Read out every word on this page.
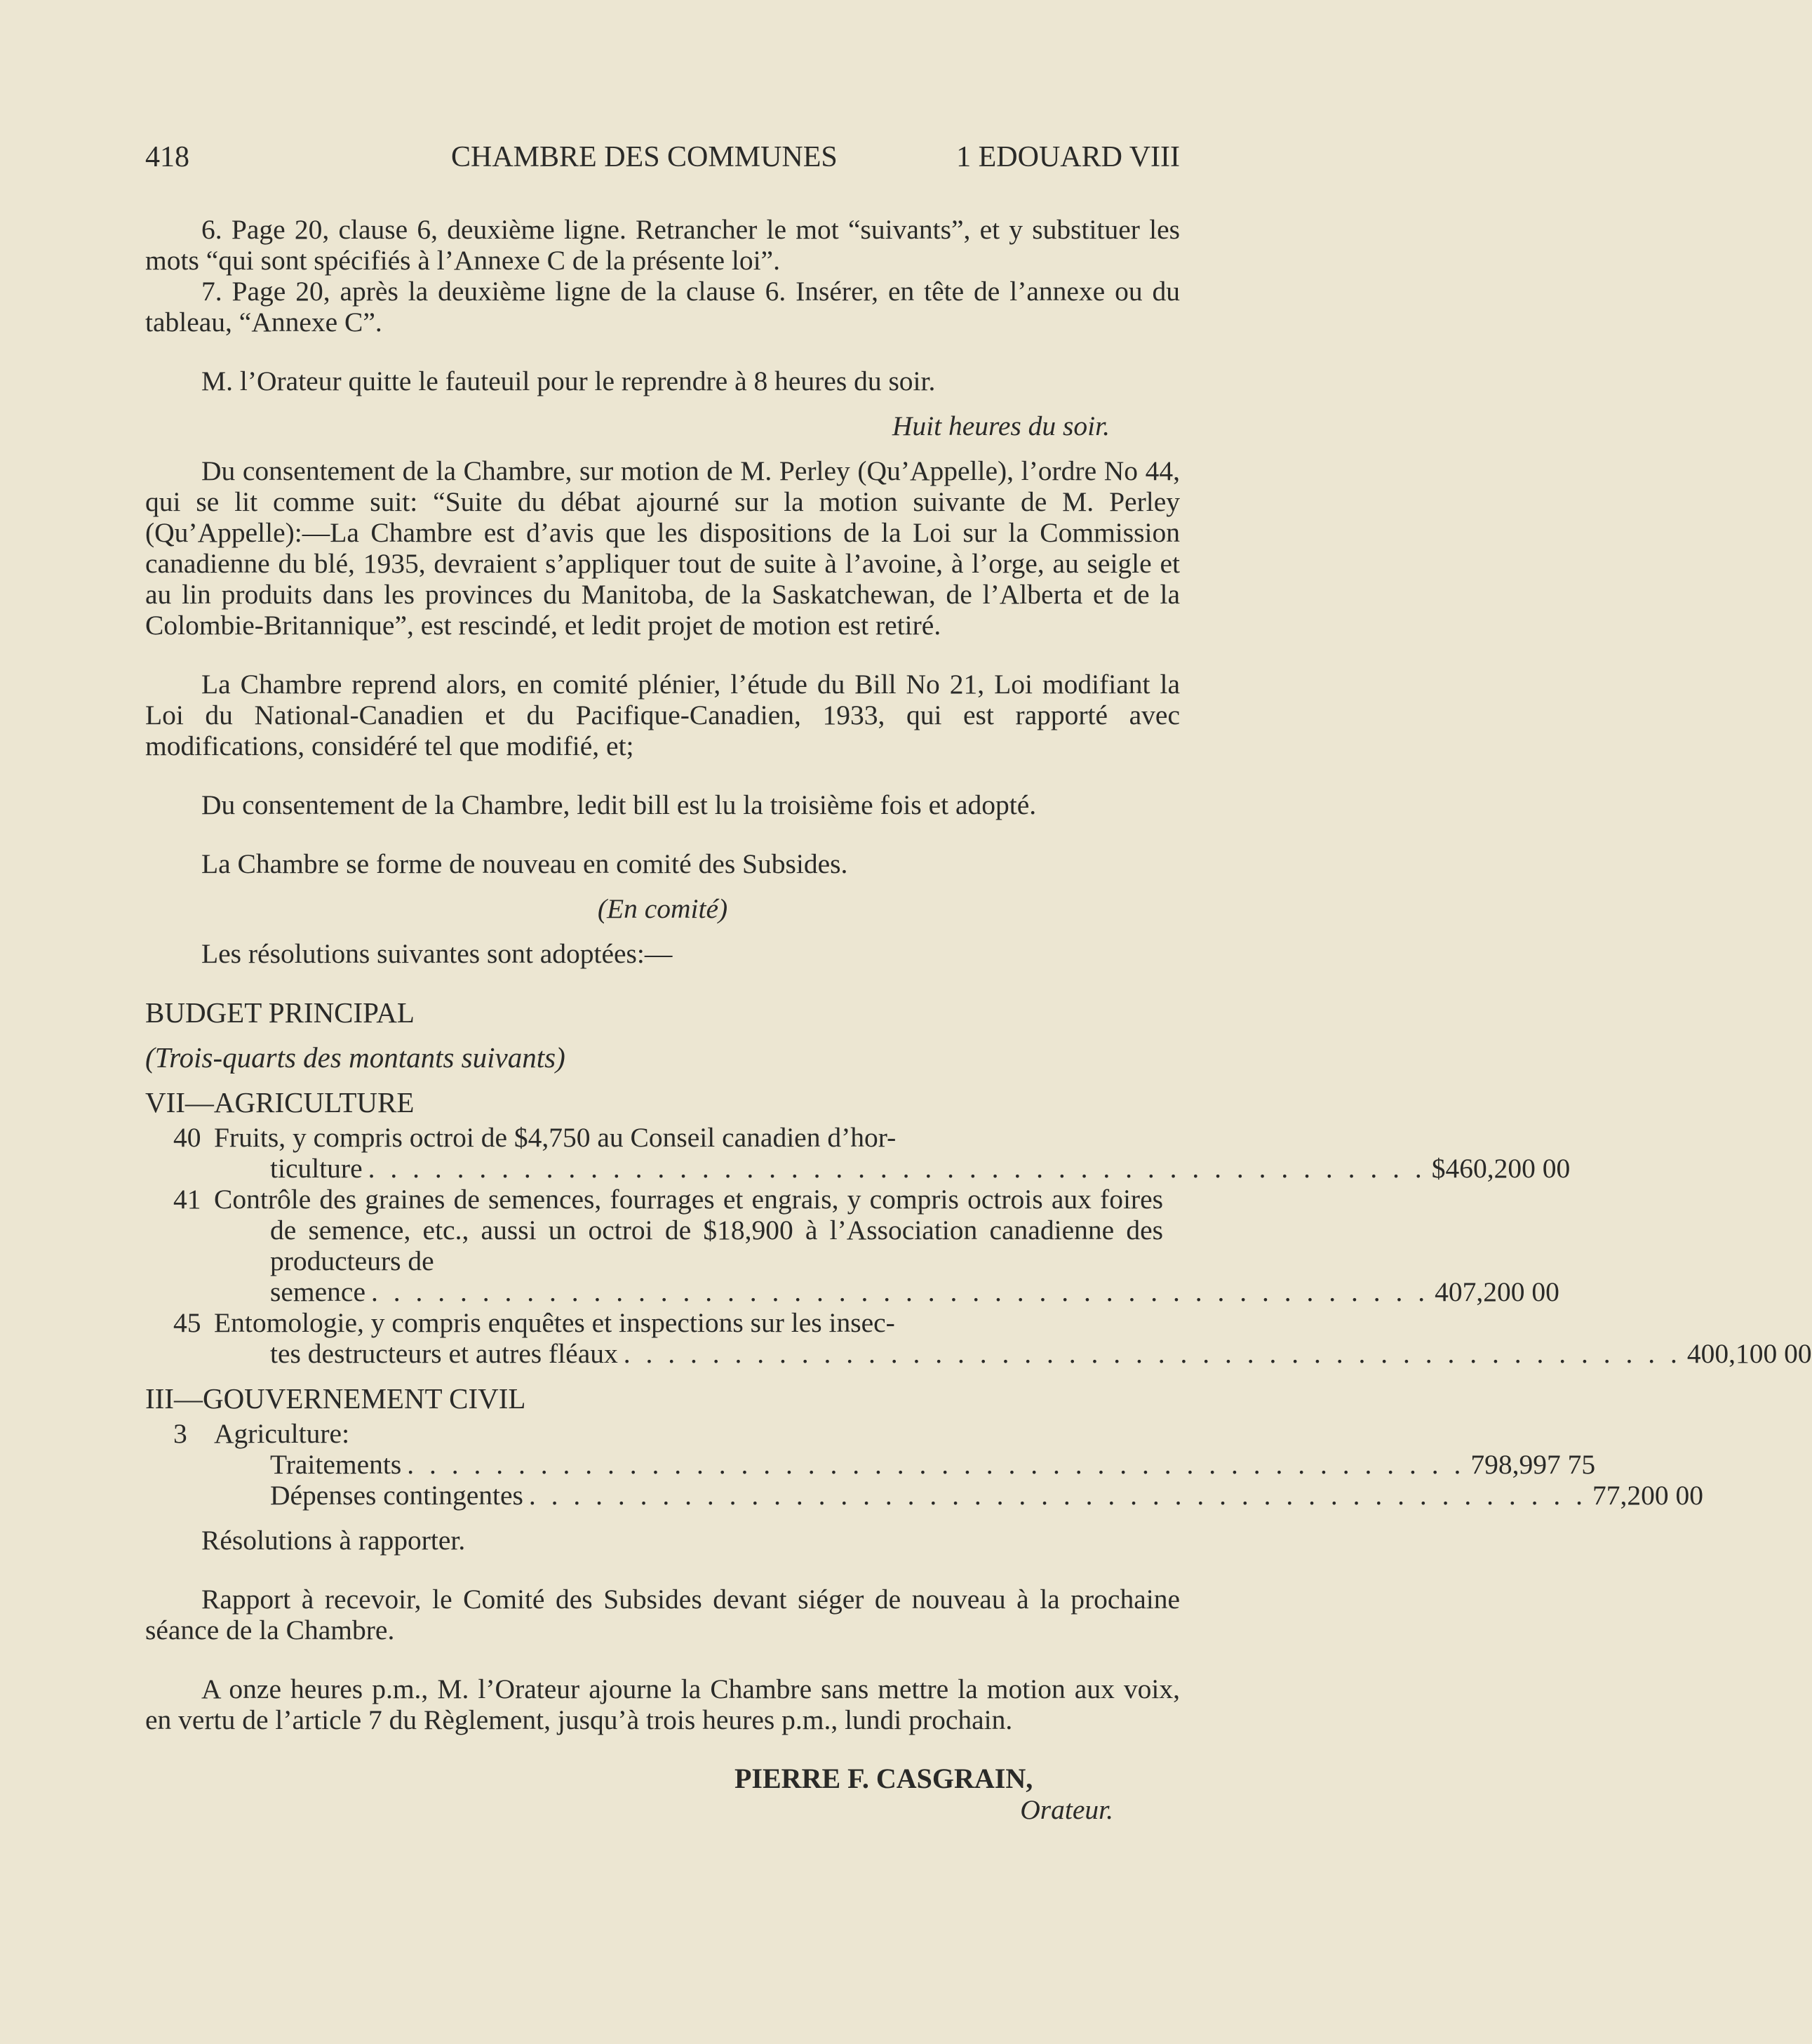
418	CHAMBRE DES COMMUNES	1 EDOUARD VIII

6. Page 20, clause 6, deuxième ligne. Retrancher le mot “suivants”, et y substituer les mots “qui sont spécifiés à l’Annexe C de la présente loi”.

7. Page 20, après la deuxième ligne de la clause 6. Insérer, en tête de l’annexe ou du tableau, “Annexe C”.

M. l’Orateur quitte le fauteuil pour le reprendre à 8 heures du soir.

Huit heures du soir.

Du consentement de la Chambre, sur motion de M. Perley (Qu’Appelle), l’ordre No 44, qui se lit comme suit: “Suite du débat ajourné sur la motion suivante de M. Perley (Qu’Appelle):—La Chambre est d’avis que les dispositions de la Loi sur la Commission canadienne du blé, 1935, devraient s’appliquer tout de suite à l’avoine, à l’orge, au seigle et au lin produits dans les provinces du Manitoba, de la Saskatchewan, de l’Alberta et de la Colombie-Britannique”, est rescindé, et ledit projet de motion est retiré.

La Chambre reprend alors, en comité plénier, l’étude du Bill No 21, Loi modifiant la Loi du National-Canadien et du Pacifique-Canadien, 1933, qui est rapporté avec modifications, considéré tel que modifié, et;

Du consentement de la Chambre, ledit bill est lu la troisième fois et adopté.

La Chambre se forme de nouveau en comité des Subsides.

(En comité)

Les résolutions suivantes sont adoptées:—

BUDGET PRINCIPAL

(Trois-quarts des montants suivants)

VII—AGRICULTURE

40 Fruits, y compris octroi de $4,750 au Conseil canadien d’hor-
ticulture . . . . . . . . . . . . . . . . . . . . . . . . . . . . . . . . . . . . . . . . . . . . . . . . $460,200 00
41 Contrôle des graines de semences, fourrages et engrais, y compris octrois aux foires de semence, etc., aussi un octroi de $18,900 à l’Association canadienne des producteurs de
semence . . . . . . . . . . . . . . . . . . . . . . . . . . . . . . . . . . . . . . . . . . . . . . . . 407,200 00
45 Entomologie, y compris enquêtes et inspections sur les insec-
tes destructeurs et autres fléaux . . . . . . . . . . . . . . . . . . . . . . . . . . . . . . . . . . . . . . . . . . . . . . . . 400,100 00

III—GOUVERNEMENT CIVIL

3 Agriculture:
Traitements . . . . . . . . . . . . . . . . . . . . . . . . . . . . . . . . . . . . . . . . . . . . . . . . 798,997 75
Dépenses contingentes . . . . . . . . . . . . . . . . . . . . . . . . . . . . . . . . . . . . . . . . . . . . . . . . 77,200 00

Résolutions à rapporter.

Rapport à recevoir, le Comité des Subsides devant siéger de nouveau à la prochaine séance de la Chambre.

A onze heures p.m., M. l’Orateur ajourne la Chambre sans mettre la motion aux voix, en vertu de l’article 7 du Règlement, jusqu’à trois heures p.m., lundi prochain.

PIERRE F. CASGRAIN,
Orateur.
